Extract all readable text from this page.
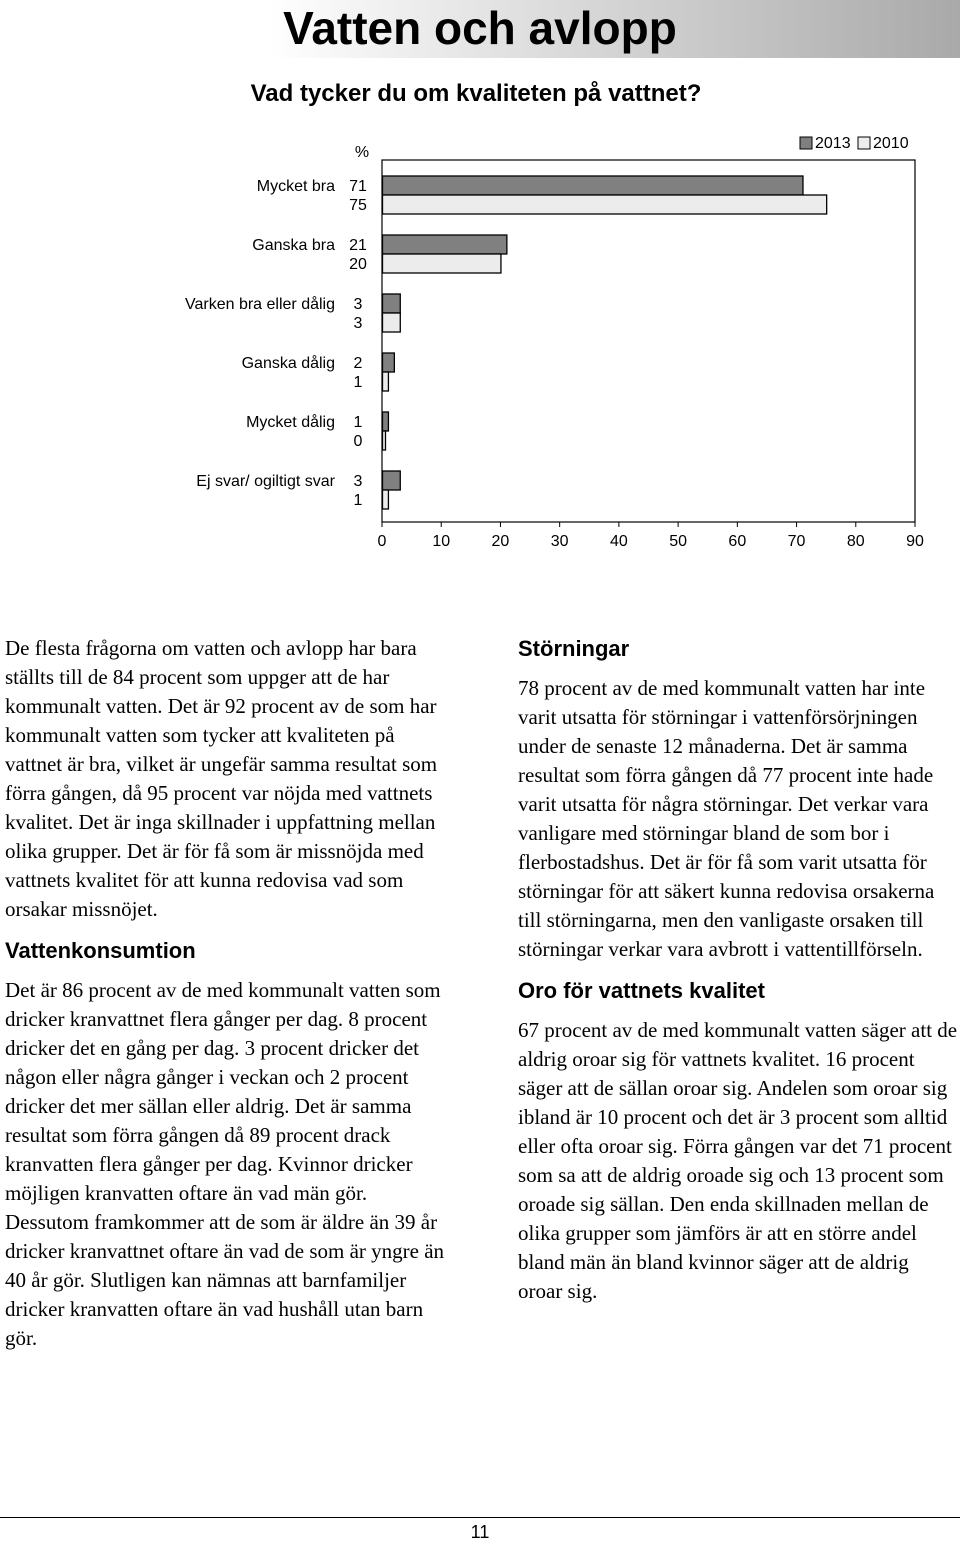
Vatten och avlopp
Vad tycker du om kvaliteten på vattnet?
%
2013 2010
Mycket bra 71
75
Ganska bra 21
20
Varken bra eller dålig 3
3
Ganska dålig 2
1
Mycket dålig 1
0
Ej svar/ ogiltigt svar 3
1
0	10	20	30	40	50	60	70	80	90

De flesta frågorna om vatten och avlopp har bara ställts till de 84 procent som uppger att de har kommunalt vatten. Det är 92 procent av de som har kommunalt vatten som tycker att kvaliteten på vattnet är bra, vilket är ungefär samma resultat som förra gången, då 95 procent var nöjda med vattnets kvalitet. Det är inga skillnader i uppfattning mellan olika grupper. Det är för få som är missnöjda med vattnets kvalitet för att kunna redovisa vad som orsakar missnöjet.

Vattenkonsumtion

Det är 86 procent av de med kommunalt vatten som dricker kranvattnet flera gånger per dag. 8 procent dricker det en gång per dag. 3 procent dricker det någon eller några gånger i veckan och 2 procent dricker det mer sällan eller aldrig. Det är samma resultat som förra gången då 89 procent drack kranvatten flera gånger per dag. Kvinnor dricker möjligen kranvatten oftare än vad män gör. Dessutom framkommer att de som är äldre än 39 år dricker kranvattnet oftare än vad de som är yngre än 40 år gör. Slutligen kan nämnas att barnfamiljer dricker kranvatten oftare än vad hushåll utan barn gör.

Störningar

78 procent av de med kommunalt vatten har inte varit utsatta för störningar i vattenförsörjningen under de senaste 12 månaderna. Det är samma resultat som förra gången då 77 procent inte hade varit utsatta för några störningar. Det verkar vara vanligare med störningar bland de som bor i flerbostadshus. Det är för få som varit utsatta för störningar för att säkert kunna redovisa orsakerna till störningarna, men den vanligaste orsaken till störningar verkar vara avbrott i vattentillförseln.

Oro för vattnets kvalitet

67 procent av de med kommunalt vatten säger att de aldrig oroar sig för vattnets kvalitet. 16 procent säger att de sällan oroar sig. Andelen som oroar sig ibland är 10 procent och det är 3 procent som alltid eller ofta oroar sig. Förra gången var det 71 procent som sa att de aldrig oroade sig och 13 procent som oroade sig sällan. Den enda skillnaden mellan de olika grupper som jämförs är att en större andel bland män än bland kvinnor säger att de aldrig oroar sig.

11
